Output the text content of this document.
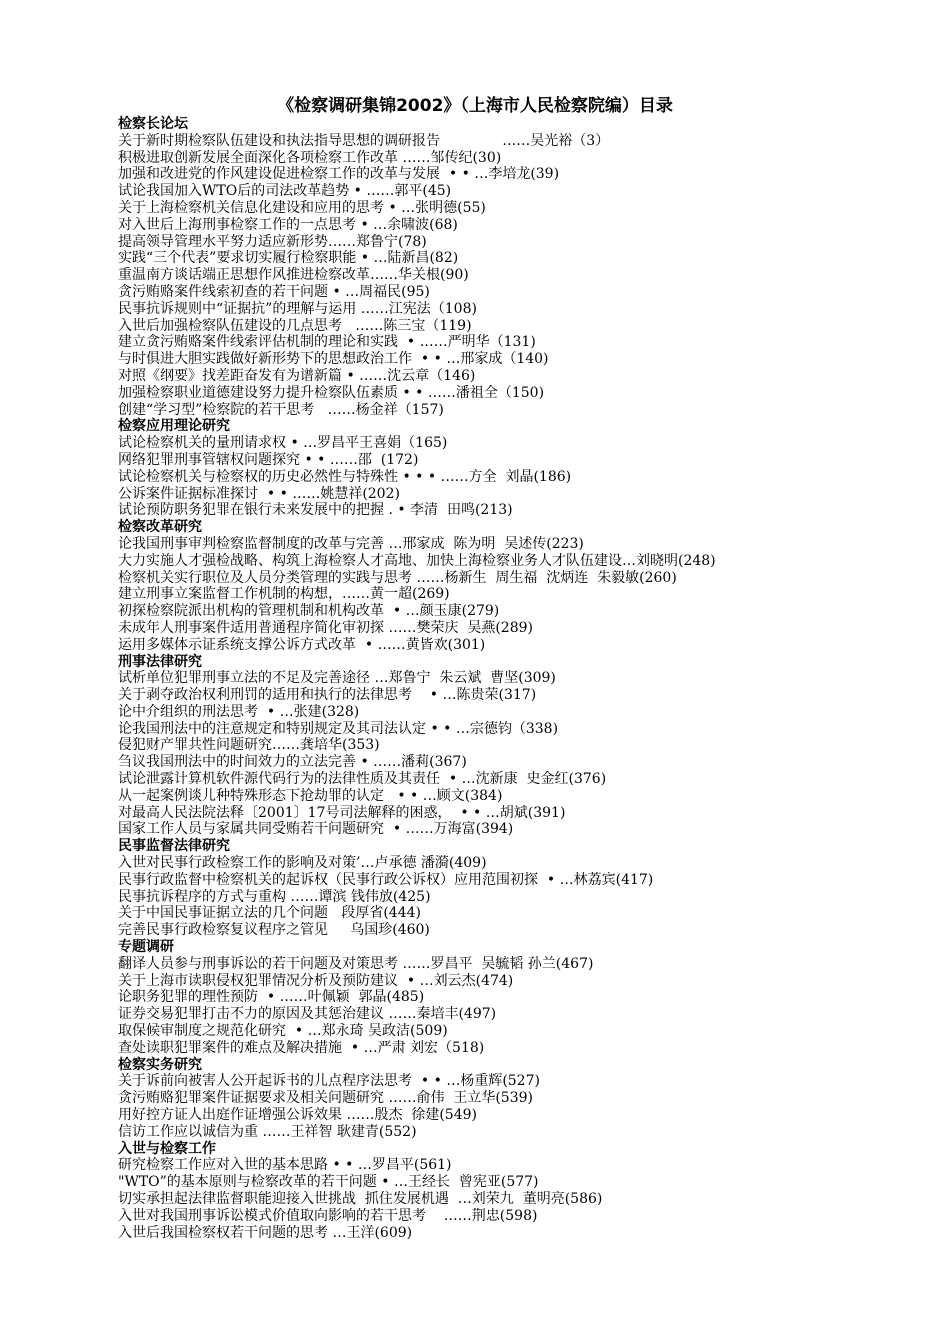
《检察调研集锦2002》（上海市人民检察院编）目录
检察长论坛
关于新时期检察队伍建设和执法指导思想的调研报告              ……吴光裕（3）
积极进取创新发展全面深化各项检察工作改革 ……邹传纪(30)
加强和改进党的作风建设促进检察工作的改革与发展  • • …李培龙(39)
试论我国加入WTO后的司法改革趋势 • ……郭平(45)
关于上海检察机关信息化建设和应用的思考 • …张明德(55)
对入世后上海刑事检察工作的一点思考 • …余啸波(68)
提高领导管理水平努力适应新形势……郑鲁宁(78)
实践“三个代表”要求切实履行检察职能 • …陆新昌(82)
重温南方谈话端正思想作风推进检察改革……华关根(90)
贪污贿赂案件线索初查的若干问题 • …周福民(95)
民事抗诉规则中“证据抗”的理解与运用 ……江宪法（108)
入世后加强检察队伍建设的几点思考   ……陈三宝（119)
建立贪污贿赂案件线索评估机制的理论和实践  • ……严明华（131)
与时俱进大胆实践做好新形势下的思想政治工作  • • …邢家成（140)
对照《纲要》找差距奋发有为谱新篇 • ……沈云章（146)
加强检察职业道德建设努力提升检察队伍素质 • • ……潘祖全（150)
创建“学习型”检察院的若干思考   ……杨金祥（157)
检察应用理论研究
试论检察机关的量刑请求权 • …罗昌平王喜娟（165)
网络犯罪刑事管辖权问题探究 • • ……邵  (172)
试论检察机关与检察权的历史必然性与特殊性 • • • ……方全  刘晶(186)
公诉案件证据标准探讨  • • ……姚慧祥(202)
试论预防职务犯罪在银行未来发展中的把握 . • 李清  田鸣(213)
检察改革研究
论我国刑事审判检察监督制度的改革与完善 …邢家成  陈为明  吴述传(223)
大力实施人才强检战略、构筑上海检察人才高地、加快上海检察业务人才队伍建设…刘晓明(248)
检察机关实行职位及人员分类管理的实践与思考 ……杨新生  周生福  沈炳连  朱毅敏(260)
建立刑事立案监督工作机制的构想，……黄一超(269)
初探检察院派出机构的管理机制和机构改革  • …颜玉康(279)
未成年人刑事案件适用普通程序简化审初探 ……樊荣庆  吴燕(289)
运用多媒体示证系统支撑公诉方式改革  • ……黄皆欢(301)
刑事法律研究
试析单位犯罪刑事立法的不足及完善途径 …郑鲁宁  朱云斌  曹坚(309)
关于剥夺政治权利刑罚的适用和执行的法律思考    • …陈贵荣(317)
论中介组织的刑法思考  • …张建(328)
论我国刑法中的注意规定和特别规定及其司法认定 • • …宗德钧（338)
侵犯财产罪共性问题研究……龚培华(353)
刍议我国刑法中的时间效力的立法完善 • ……潘莉(367)
试论泄露计算机软件源代码行为的法律性质及其责任  • …沈新康  史金红(376)
从一起案例谈儿种特殊形态下抢劫罪的认定   • • …顾文(384)
对最高人民法院法释〔2001〕17号司法解释的困惑，  • • …胡斌(391)
国家工作人员与家属共同受贿若干问题研究  • ……万海富(394)
民事监督法律研究
入世对民事行政检察工作的影响及对策’…卢承德 潘漪(409)
民事行政监督中检察机关的起诉权（民事行政公诉权）应用范围初探  • …林荔宾(417)
民事抗诉程序的方式与重构 ……谭滨 钱伟放(425)
关于中国民事证据立法的几个问题   段厚省(444)
完善民事行政检察复议程序之管见     乌国珍(460)
专题调研
翻译人员参与刑事诉讼的若干问题及对策思考 ……罗昌平  吴毓韬 孙兰(467)
关于上海市读职侵权犯罪情况分析及预防建议  • …刘云杰(474)
论职务犯罪的理性预防  • ……叶佩颖  郭晶(485)
证券交易犯罪打击不力的原因及其惩治建议 ……秦培丰(497)
取保候审制度之规范化研究  • …郑永琦 吴政洁(509)
查处读职犯罪案件的难点及解决措施  • …严肃 刘宏（518)
检察实务研究
关于诉前向被害人公开起诉书的儿点程序法思考  • • …杨重辉(527)
贪污贿赂犯罪案件证据要求及相关问题研究 ……俞伟  王立华(539)
用好控方证人出庭作证增强公诉效果 ……殷杰  徐建(549)
信访工作应以诚信为重 ……王祥智 耿建青(552)
入世与检察工作
研究检察工作应对入世的基本思路 • • …罗昌平(561)
"WTO”的基本原则与检察改革的若干问题 • …王经长  曾宪亚(577)
切实承担起法律监督职能迎接入世挑战  抓住发展机遇  …刘荣九  董明亮(586)
入世对我国刑事诉讼模式价值取向影响的若干思考    ……荆忠(598)
入世后我国检察权若干问题的思考 …王洋(609)
